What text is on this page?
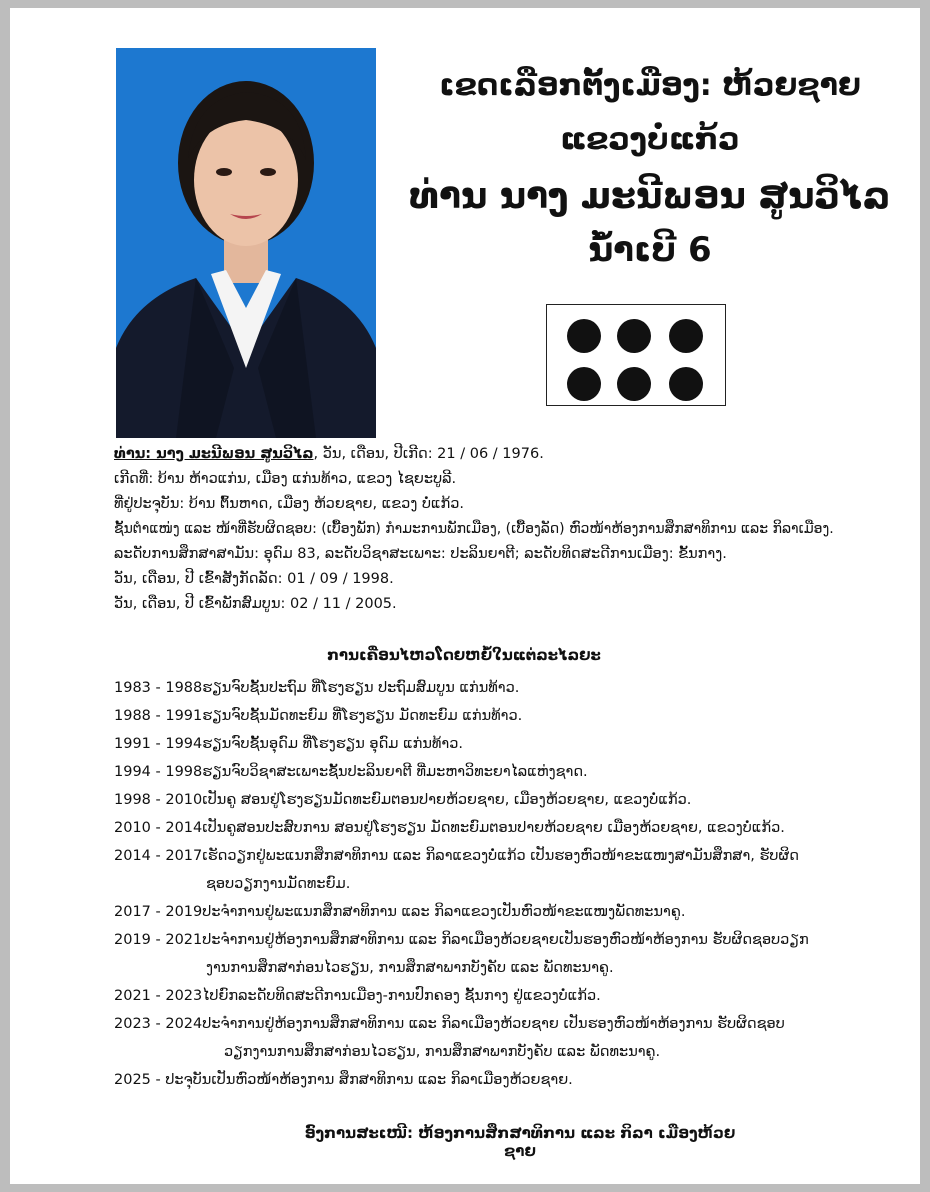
ເຂດເລືອກຕັ້ງເມືອງ: ຫ້ວຍຊາຍ
ແຂວງບໍ່ແກ້ວ
ທ່ານ ນາງ ມະນີພອນ ສູນວິໄລ
ນໍ້າເບີ 6

ທ່ານ: ນາງ ມະນີພອນ ສູນວິໄລ, ວັນ, ເດືອນ, ປີເກີດ: 21 / 06 / 1976.

ເກີດທີ່: ບ້ານ ຫ້າວແກ່ນ, ເມືອງ ແກ່ນທ້າວ, ແຂວງ ໄຊຍະບູລີ.

ທີ່ຢູ່ປະຈຸບັນ: ບ້ານ ຕົ້ນຫາດ, ເມືອງ ຫ້ວຍຊາຍ, ແຂວງ ບໍ່ແກ້ວ.

ຊັ້ນຕຳແໜ່ງ ແລະ ໜ້າທີ່ຮັບຜິດຊອບ: (ເບື້ອງພັກ) ກຳມະການພັກເມືອງ, (ເບື້ອງລັດ) ຫົວໜ້າຫ້ອງການສຶກສາທິການ ແລະ ກິລາເມືອງ.

ລະດັບການສຶກສາສາມັນ: ອຸດົມ 83, ລະດັບວິຊາສະເພາະ: ປະລິນຍາຕີ; ລະດັບທິດສະດີການເມືອງ: ຂັ້ນກາງ.

ວັນ, ເດືອນ, ປີ ເຂົ້າສັງກັດລັດ: 01 / 09 / 1998.

ວັນ, ເດືອນ, ປີ ເຂົ້າພັກສົມບູນ: 02 / 11 / 2005.

ການເຄື່ອນໄຫວໂດຍຫຍໍ້ໃນແຕ່ລະໄລຍະ
1983 - 1988 ຮຽນຈົບຊັ້ນປະຖົມ ທີ່ໂຮງຮຽນ ປະຖົມສົມບູນ ແກ່ນທ້າວ.
1988 - 1991 ຮຽນຈົບຊັ້ນມັດທະຍົມ ທີ່ໂຮງຮຽນ ມັດທະຍົມ ແກ່ນທ້າວ.
1991 - 1994 ຮຽນຈົບຊັ້ນອຸດົມ ທີ່ໂຮງຮຽນ ອຸດົມ ແກ່ນທ້າວ.
1994 - 1998 ຮຽນຈົບວິຊາສະເພາະຊັ້ນປະລິນຍາຕີ ທີ່ມະຫາວິທະຍາໄລແຫ່ງຊາດ.
1998 - 2010 ເປັນຄູ ສອນຢູ່ໂຮງຮຽນມັດທະຍົມຕອນປາຍຫ້ວຍຊາຍ, ເມືອງຫ້ວຍຊາຍ, ແຂວງບໍ່ແກ້ວ.
2010 - 2014 ເປັນຄູສອນປະສົບການ ສອນຢູ່ໂຮງຮຽນ ມັດທະຍົມຕອນປາຍຫ້ວຍຊາຍ ເມືອງຫ້ວຍຊາຍ, ແຂວງບໍ່ແກ້ວ.
2014 - 2017 ເຮັດວຽກຢູ່ພະແນກສຶກສາທິການ ແລະ ກິລາແຂວງບໍ່ແກ້ວ ເປັນຮອງຫົວໜ້າຂະແໜງສາມັນສຶກສາ, ຮັບຜິດ
ຊອບວຽກງານມັດທະຍົມ.
2017 - 2019 ປະຈຳການຢູ່ພະແນກສຶກສາທິການ ແລະ ກິລາແຂວງເປັນຫົວໜ້າຂະແໜງພັດທະນາຄູ.
2019 - 2021 ປະຈຳການຢູ່ຫ້ອງການສຶກສາທິການ ແລະ ກິລາເມືອງຫ້ວຍຊາຍເປັນຮອງຫົວໜ້າຫ້ອງການ ຮັບຜິດຊອບວຽກ
ງານການສຶກສາກ່ອນໄວຮຽນ, ການສຶກສາພາກບັງຄັບ ແລະ ພັດທະນາຄູ.
2021 - 2023 ໄປຍົກລະດັບທິດສະດີການເມືອງ-ການປົກຄອງ ຊັ້ນກາງ ຢູ່ແຂວງບໍ່ແກ້ວ.
2023 - 2024 ປະຈຳການຢູ່ຫ້ອງການສຶກສາທິການ ແລະ ກິລາເມືອງຫ້ວຍຊາຍ ເປັນຮອງຫົວໜ້າຫ້ອງການ ຮັບຜິດຊອບ
ວຽກງານການສຶກສາກ່ອນໄວຮຽນ, ການສຶກສາພາກບັງຄັບ ແລະ ພັດທະນາຄູ.
2025 - ປະຈຸບັນ ເປັນຫົວໜ້າຫ້ອງການ ສຶກສາທິການ ແລະ ກິລາເມືອງຫ້ວຍຊາຍ.
ອົງການສະເໜີ: ຫ້ອງການສຶກສາທິການ ແລະ ກິລາ ເມືອງຫ້ວຍຊາຍ
